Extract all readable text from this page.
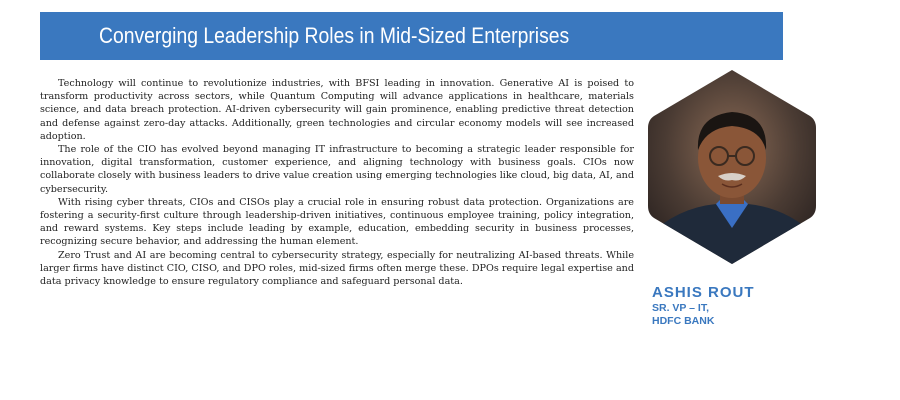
Converging Leadership Roles in Mid-Sized Enterprises

Technology will continue to revolutionize industries, with BFSI leading in innovation. Generative AI is poised to transform productivity across sectors, while Quantum Computing will advance applications in healthcare, materials science, and data breach protection. AI-driven cybersecurity will gain prominence, enabling predictive threat detection and defense against zero-day attacks. Additionally, green technologies and circular economy models will see increased adoption.

The role of the CIO has evolved beyond managing IT infrastructure to becoming a strategic leader responsible for innovation, digital transformation, customer experience, and aligning technology with business goals. CIOs now collaborate closely with business leaders to drive value creation using emerging technologies like cloud, big data, AI, and cybersecurity.

With rising cyber threats, CIOs and CISOs play a crucial role in ensuring robust data protection. Organizations are fostering a security-first culture through leadership-driven initiatives, continuous employee training, policy integration, and reward systems. Key steps include leading by example, education, embedding security in business processes, recognizing secure behavior, and addressing the human element.

Zero Trust and AI are becoming central to cybersecurity strategy, especially for neutralizing AI-based threats. While larger firms have distinct CIO, CISO, and DPO roles, mid-sized firms often merge these. DPOs require legal expertise and data privacy knowledge to ensure regulatory compliance and safeguard personal data.

ASHIS ROUT
SR. VP – IT,
HDFC BANK
